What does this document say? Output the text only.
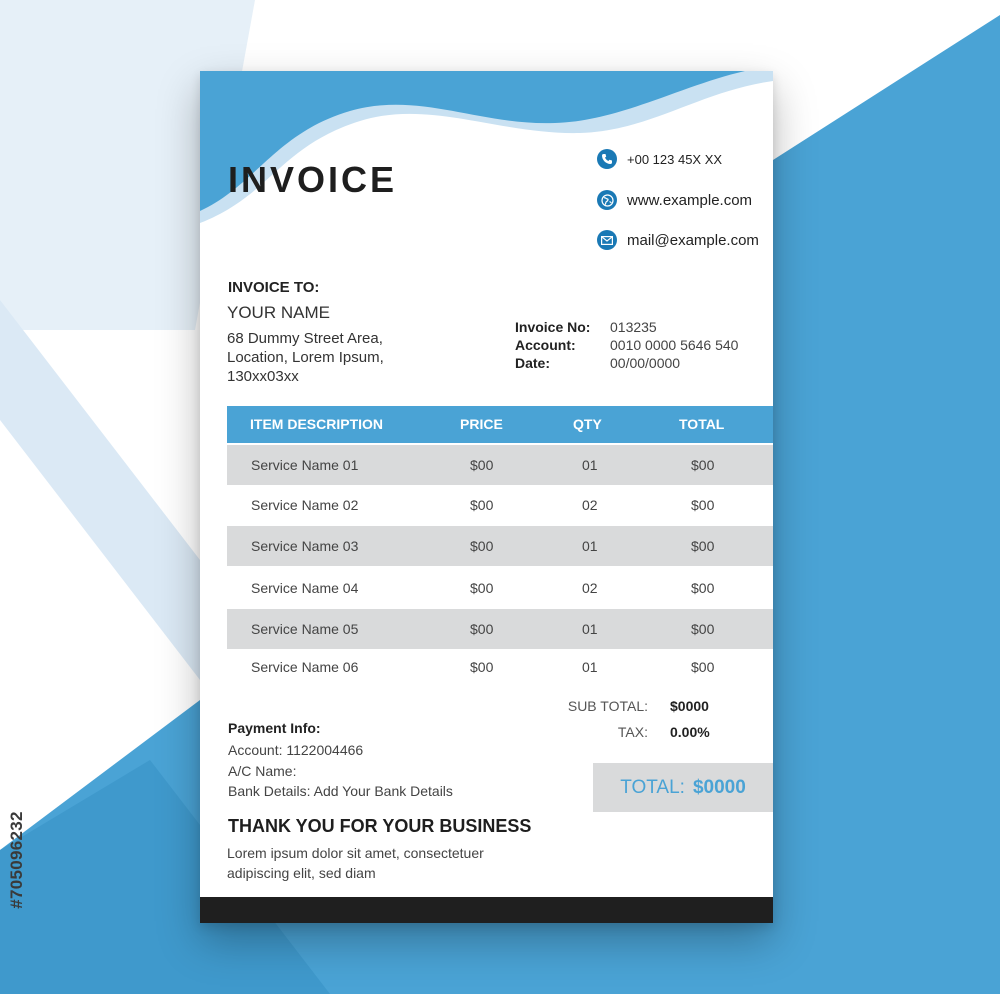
#705096232
INVOICE	+00 123 45X XX
www.example.com
mail@example.com
INVOICE TO:
YOUR NAME
68 Dummy Street Area,
Location, Lorem Ipsum,
130xx03xx
Invoice No:	013235
Account:	0010 0000 5646 540
Date:	00/00/0000
ITEM DESCRIPTION	PRICE	QTY	TOTAL
Service Name 01	$00	01	$00
Service Name 02	$00	02	$00
Service Name 03	$00	01	$00
Service Name 04	$00	02	$00
Service Name 05	$00	01	$00
Service Name 06	$00	01	$00
SUB TOTAL: $0000
TAX: 0.00%
TOTAL: $0000
Payment Info:
Account: 1122004466
A/C Name:
Bank Details: Add Your Bank Details
THANK YOU FOR YOUR BUSINESS
Lorem ipsum dolor sit amet, consectetuer
adipiscing elit, sed diam
